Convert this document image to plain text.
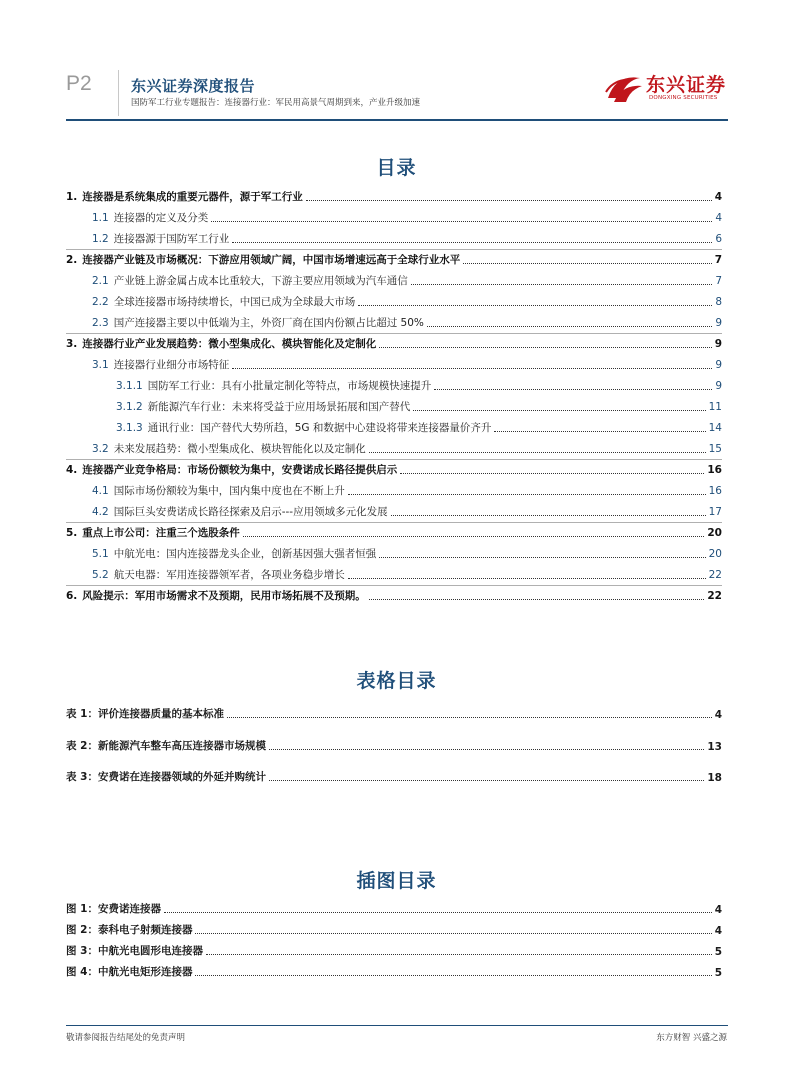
P2	东兴证券深度报告
国防军工行业专题报告：连接器行业：军民用高景气周期到来，产业升级加速
东兴证券
DONGXING SECURITIES
目录
1. 连接器是系统集成的重要元器件，源于军工行业	4
1.1 连接器的定义及分类	4
1.2 连接器源于国防军工行业	6
2. 连接器产业链及市场概况：下游应用领域广阔，中国市场增速远高于全球行业水平	7
2.1 产业链上游金属占成本比重较大，下游主要应用领域为汽车通信	7
2.2 全球连接器市场持续增长，中国已成为全球最大市场	8
2.3 国产连接器主要以中低端为主，外资厂商在国内份额占比超过 50%	9
3. 连接器行业产业发展趋势：微小型集成化、模块智能化及定制化	9
3.1 连接器行业细分市场特征	9
3.1.1 国防军工行业：具有小批量定制化等特点，市场规模快速提升	9
3.1.2 新能源汽车行业：未来将受益于应用场景拓展和国产替代	11
3.1.3 通讯行业：国产替代大势所趋，5G 和数据中心建设将带来连接器量价齐升	14
3.2 未来发展趋势：微小型集成化、模块智能化以及定制化	15
4. 连接器产业竞争格局：市场份额较为集中，安费诺成长路径提供启示	16
4.1 国际市场份额较为集中，国内集中度也在不断上升	16
4.2 国际巨头安费诺成长路径探索及启示---应用领域多元化发展	17
5. 重点上市公司：注重三个选股条件	20
5.1 中航光电：国内连接器龙头企业，创新基因强大强者恒强	20
5.2 航天电器：军用连接器领军者，各项业务稳步增长	22
6. 风险提示：军用市场需求不及预期，民用市场拓展不及预期。	22
表格目录
表 1：评价连接器质量的基本标准	4
表 2：新能源汽车整车高压连接器市场规模	13
表 3：安费诺在连接器领域的外延并购统计	18
插图目录
图 1：安费诺连接器	4
图 2：泰科电子射频连接器	4
图 3：中航光电圆形电连接器	5
图 4：中航光电矩形连接器	5
敬请参阅报告结尾处的免责声明	东方财智 兴盛之源
